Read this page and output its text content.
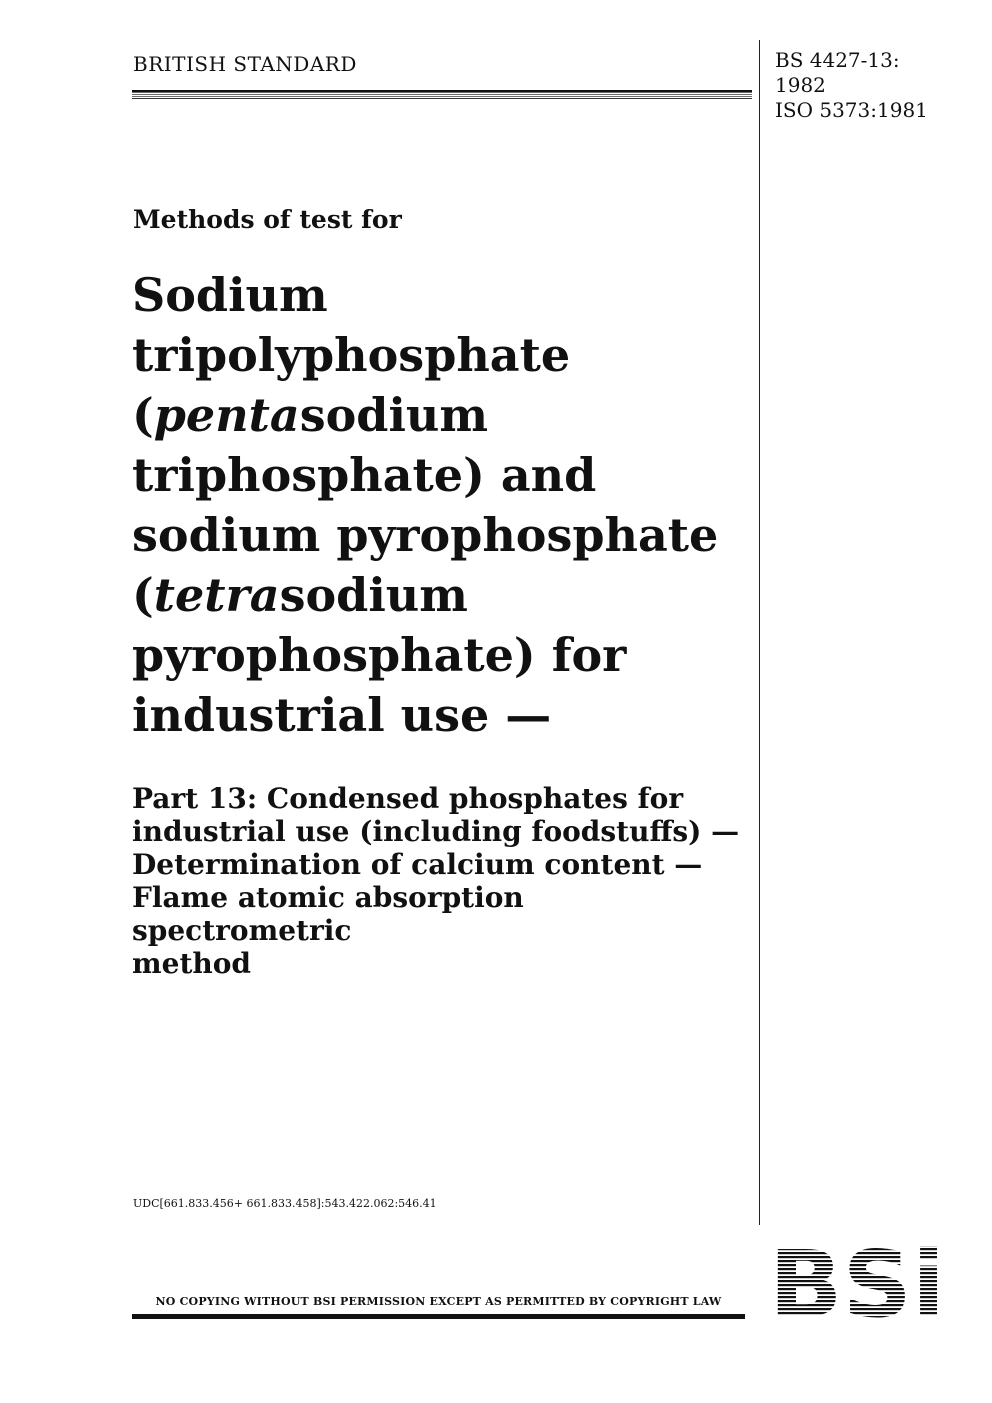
BRITISH STANDARD	BS 4427-13:
1982
ISO 5373:1981
Methods of test for
Sodium
tripolyphosphate
(pentasodium
triphosphate) and
sodium pyrophosphate
(tetrasodium
pyrophosphate) for
industrial use —
Part 13: Condensed phosphates for
industrial use (including foodstuffs) —
Determination of calcium content —
Flame atomic absorption spectrometric
method
UDC[661.833.456+ 661.833.458]:543.422.062:546.41
NO COPYING WITHOUT BSI PERMISSION EXCEPT AS PERMITTED BY COPYRIGHT LAW
